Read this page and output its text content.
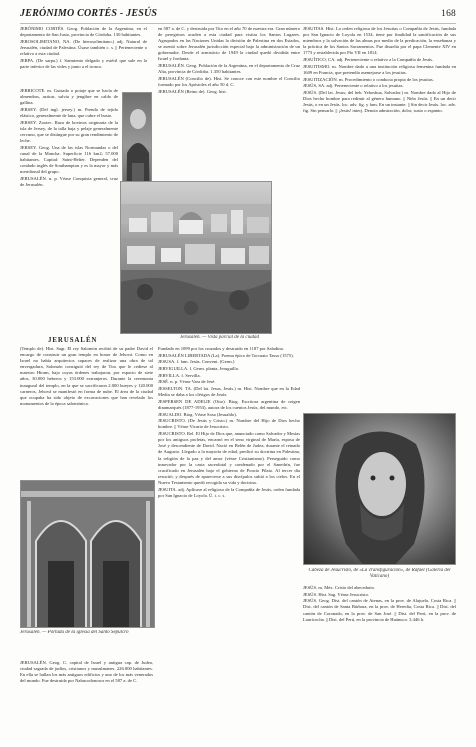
JERÓNIMO CORTÉS - JESÚS	168

JERÓNIMO CORTÉS. Geog. Población de la Argentina, en el departamento de San Justo, provincia de Córdoba. 130 habitantes.

JEROSOLIMITANO, NA. (De hierosolimitano.) adj. Natural de Jerusalén, ciudad de Palestina. Úsase también c. s. || Perteneciente o relativo a esta ciudad.

JERPA. (De sarpa.) f. Sarmiento delgado y estéril que sale en la parte inferior de las vides y junto a el tronco.

JERRICOTE. m. Guisado o potaje que se hacía de almendras, azúcar, salvia y jengibre en caldo de gallina.

JERSEY. (Del ingl. jersey.) m. Prenda de tejido elástico, generalmente de lana, que cubre el busto.

JERSEY. Zootec. Raza de bovinos originaria de la isla de Jersey, de la talla baja y pelaje generalmente cervuno, que se distingue por su gran rendimiento de leche.

JERSEY. Geog. Una de las islas Normandas o del canal de la Mancha. Superficie 116 km2; 57.000 habitantes. Capital: Saint-Helier. Dependen del condado inglés de Southampton y es la mayor y más meridional del grupo.

JERUSALÉN. n. p. Véase Conquista general, cruz de Jerusalén.

Jerusalén. — Vista parcial de la ciudad
JERUSALÉN

(Templo de). Hist. Sagr. El rey Salomón recibió de su padre David el encargo de construir un gran templo en honor de Jehová. Como en Israel no había arquitectos capaces de realizar una obra de tal envergadura, Salomón consiguió del rey de Tiro que le cediese al maestro Hiram, bajo cuyas órdenes trabajaron, por espacio de siete años, 30.000 hebreos y 153.000 extranjeros. Durante la ceremonia inaugural del templo, en la que se sacrificaron 2.000 bueyes y 120.000 carneros, Jehová se manifestó en forma de nube. El área de la ciudad que ocupaba ha sido objeto de excavaciones que han revelado los monumentos de la época salomónica.

Jerusalén. — Portada de la iglesia del Santo Sepulcro

JERUSALÉN. Geog. C. capital de Israel y antigua cap. de Judea, ciudad sagrada de judíos, cristianos y musulmanes. 226.000 habitantes. En ella se hallan los más antiguos edificios y uno de los más venerados del mundo. Fue destruida por Nabucodonosor en el 587 a. de C.

en 587 a. de C. y destruida por Tito en el año 70 de nuestra era. Gran número de peregrinos acuden a esta ciudad para visitar los Santos Lugares. Agrupados en las Naciones Unidas la división de Palestina en dos Estados, se asentó sobre Jerusalén jurisdicción especial bajo la administración de un gobernador. Desde el armisticio de 1949 la ciudad quedó dividida entre Israel y Jordania.

JERUSALÉN. Geog. Población de la Argentina, en el departamento de Cruz Alta, provincia de Córdoba. 1.350 habitantes.

JERUSALÉN (Concilio de). Hist. Se conoce con este nombre el Concilio formado por los Apóstoles el año 50 d. C.

JERUSALÉN (Reino de). Geog. hist.

Fundado en 1099 por los cruzados y destruido en 1187 por Saladino.

JERUSALÉN LIBERTADA (La). Poema épico de Torcuato Tasso (1575).

JESUSA. f. fam. Jesús. Convent. (Germ.)

JERVIGUILLA. f. Germ. planta, Jeruguilla.

JERVILLA. f. Servilla.

JESÉ. n. p. Véase Vara de Jesé.

JESSELTON. TA. (Del lat. Jesus, Jesús.) m. Hist. Nombre que en la Edad Media se daba a los clérigos de Jesús.

JESPERSEN DE ADELIE (Otto). Biog. Escritora argentina de origen dinamarqués (1877-1953), autora de los cuentos Jesús, del mundo, etc.

JESUALDO. Biog. Véase Sosa (Jesualdo).

JESUCRISTO. (De Jesús y Cristo.) m. Nombre del Hijo de Dios hecho hombre. || Véase Vicario de Jesucristo.

JESUCRISTO. Rel. El Hijo de Dios que, anunciado como Salvador y Mesías por los antiguos profetas, encarnó en el seno virginal de María, esposa de José y descendiente de David. Nació en Belén de Judea, durante el reinado de Augusto. Llegado a la mayoría de edad, predicó su doctrina en Palestina, la religión de la paz y del amor (véase Cristianismo). Perseguido como innovador por la casta sacerdotal y condenado por el Sanedrín, fue crucificado en Jerusalén bajo el gobierno de Poncio Pilato. Al tercer día resucitó, y después de aparecerse a sus discípulos subió a los cielos. En el Nuevo Testamento quedó recogida su vida y doctrina.

JESUITA. adj. Aplícase al religioso de la Compañía de Jesús, orden fundada por San Ignacio de Loyola. Ú. t. c. s.

JESUITAS. Hist. La orden religiosa de los Jesuitas o Compañía de Jesús, fundada por San Ignacio de Loyola en 1534, tiene por finalidad la santificación de sus miembros y la salvación de las almas por medio de la predicación, la enseñanza y la práctica de los Santos Sacramentos. Fue disuelta por el papa Clemente XIV en 1773 y restablecida por Pío VII en 1814.

JESUÍTICO, CA. adj. Perteneciente o relativo a la Compañía de Jesús.

JESUITISMO. m. Nombre dado a una institución religiosa femenina fundada en 1609 en Francia, que pretendía asemejarse a los jesuitas.

JESUITIZACIÓN. m. Procedimiento o conducta propia de los jesuitas.

JESÚS, SA. adj. Perteneciente o relativo a los jesuitas.

JESÚS. (Del lat. Jesus; del heb. Yehoshua, Salvador.) m. Nombre dado al Hijo de Dios hecho hombre para redimir al género humano. || Niño Jesús. || En un decir Jesús, o en un Jesús. loc. adv. fig. y fam. En un instante. || Sin decir Jesús. loc. adv. fig. Sin pensarlo. || ¡Jesús! interj. Denota admiración, dolor, susto o espanto.

Cabeza de Jesucristo, de «La Transfiguración», de Rafael (Galería del Vaticano)

JESÚS. m. Méx. Cristo del abecedario.

JESÚS. Hist. Sag. Véase Jesucristo.

JESÚS. Geog. Dist. del cantón de Atenas, en la prov. de Alajuela, Costa Rica. || Dist. del cantón de Santa Bárbara, en la prov. de Heredia, Costa Rica. || Dist. del cantón de Coronado, en la prov. de San José. || Dist. del Perú, en la prov. de Lauricocha. || Dist. del Perú, en la provincia de Huánuco. 3.446 h.
